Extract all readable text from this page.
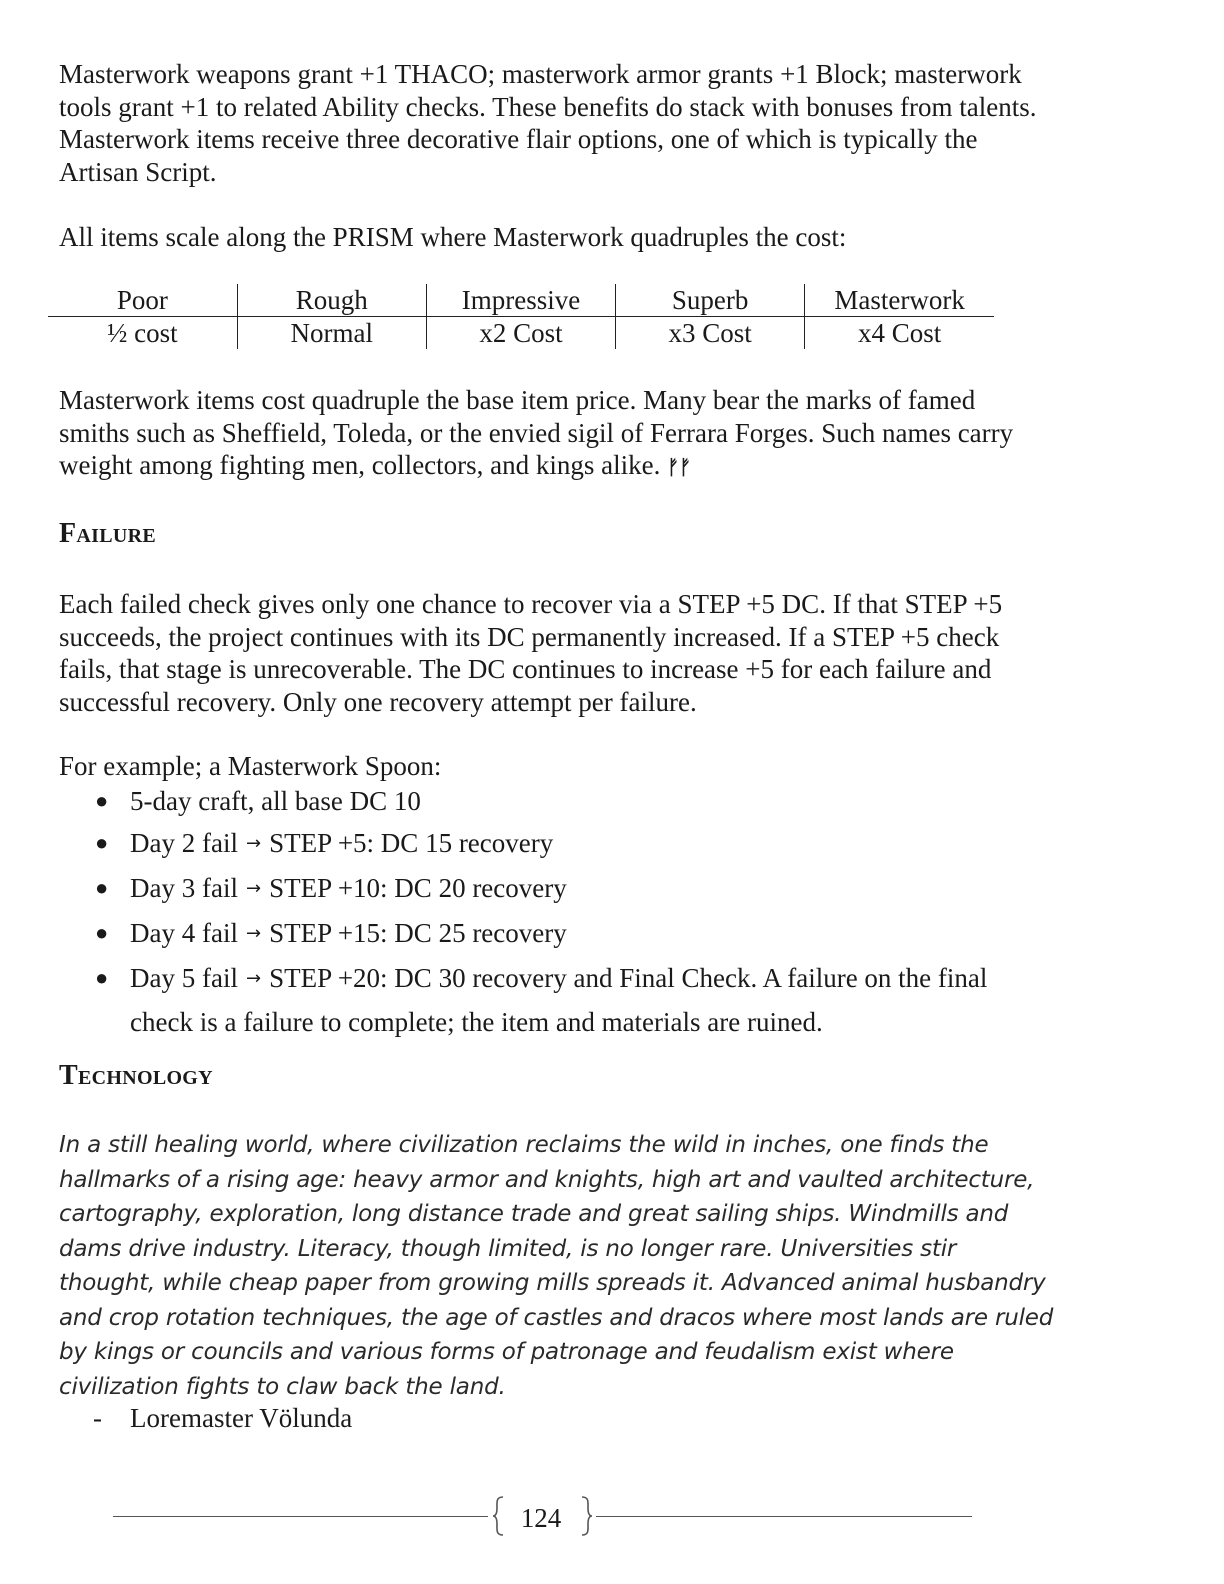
Masterwork weapons grant +1 THACO; masterwork armor grants +1 Block; masterwork tools grant +1 to related Ability checks. These benefits do stack with bonuses from talents. Masterwork items receive three decorative flair options, one of which is typically the Artisan Script.

All items scale along the PRISM where Masterwork quadruples the cost:

Poor	Rough	Impressive	Superb	Masterwork
½ cost	Normal	x2 Cost	x3 Cost	x4 Cost

Masterwork items cost quadruple the base item price. Many bear the marks of famed smiths such as Sheffield, Toleda, or the envied sigil of Ferrara Forges. Such names carry weight among fighting men, collectors, and kings alike. ᚠᚠ

Failure

Each failed check gives only one chance to recover via a STEP +5 DC. If that STEP +5 succeeds, the project continues with its DC permanently increased. If a STEP +5 check fails, that stage is unrecoverable. The DC continues to increase +5 for each failure and successful recovery. Only one recovery attempt per failure.

For example; a Masterwork Spoon:

● 5-day craft, all base DC 10
● Day 2 fail → STEP +5: DC 15 recovery
● Day 3 fail → STEP +10: DC 20 recovery
● Day 4 fail → STEP +15: DC 25 recovery
● Day 5 fail → STEP +20: DC 30 recovery and Final Check. A failure on the final check is a failure to complete; the item and materials are ruined.
Technology

In a still healing world, where civilization reclaims the wild in inches, one finds the hallmarks of a rising age: heavy armor and knights, high art and vaulted architecture, cartography, exploration, long distance trade and great sailing ships. Windmills and dams drive industry. Literacy, though limited, is no longer rare. Universities stir thought, while cheap paper from growing mills spreads it. Advanced animal husbandry and crop rotation techniques, the age of castles and dracos where most lands are ruled by kings or councils and various forms of patronage and feudalism exist where civilization fights to claw back the land.

- Loremaster Völunda
124
